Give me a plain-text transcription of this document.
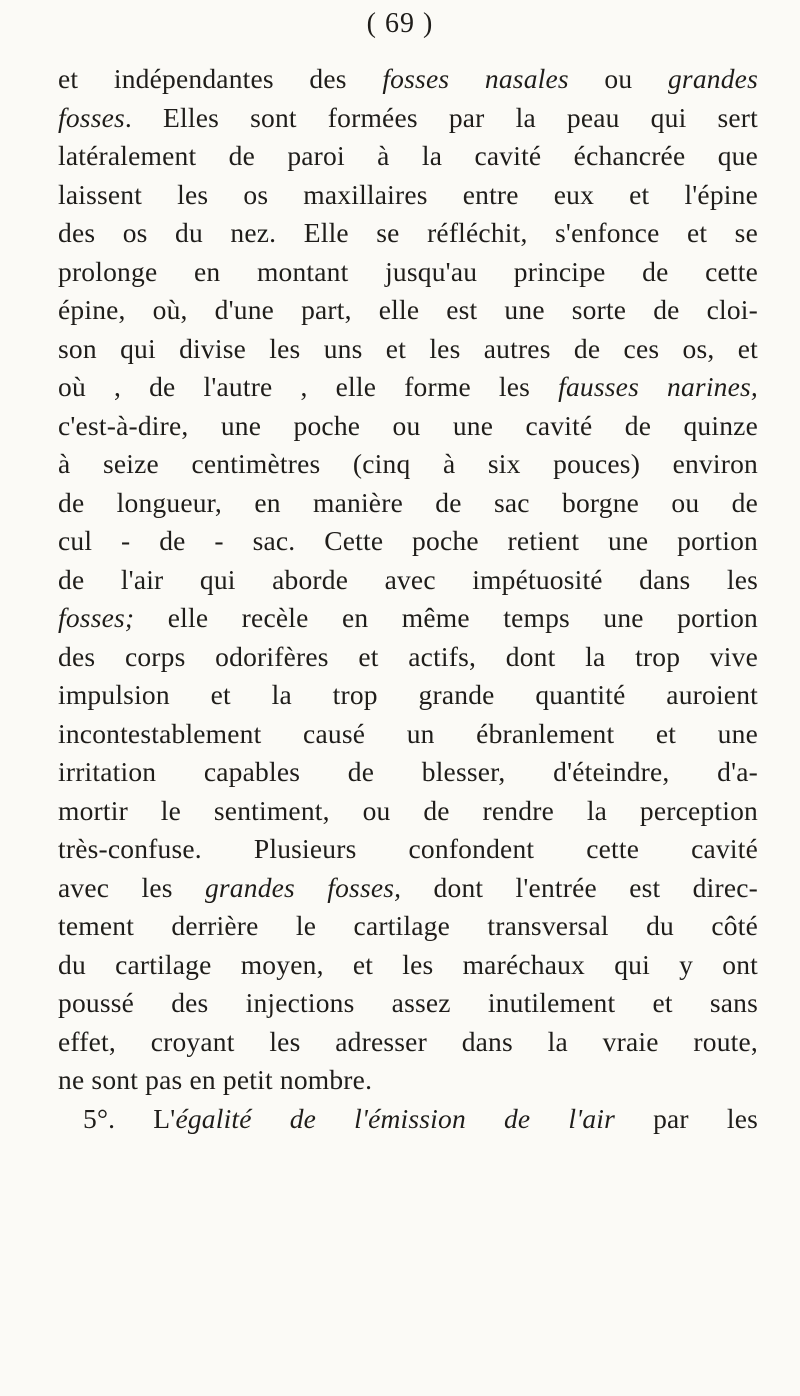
( 69 )
et indépendantes des fosses nasales ou grandes
fosses. Elles sont formées par la peau qui sert
latéralement de paroi à la cavité échancrée que
laissent les os maxillaires entre eux et l'épine
des os du nez. Elle se réfléchit, s'enfonce et se
prolonge en montant jusqu'au principe de cette
épine, où, d'une part, elle est une sorte de cloi-
son qui divise les uns et les autres de ces os, et
où , de l'autre , elle forme les fausses narines,
c'est-à-dire, une poche ou une cavité de quinze
à seize centimètres (cinq à six pouces) environ
de longueur, en manière de sac borgne ou de
cul - de - sac. Cette poche retient une portion
de l'air qui aborde avec impétuosité dans les
fosses; elle recèle en même temps une portion
des corps odorifères et actifs, dont la trop vive
impulsion et la trop grande quantité auroient
incontestablement causé un ébranlement et une
irritation capables de blesser, d'éteindre, d'a-
mortir le sentiment, ou de rendre la perception
très-confuse. Plusieurs confondent cette cavité
avec les grandes fosses, dont l'entrée est direc-
tement derrière le cartilage transversal du côté
du cartilage moyen, et les maréchaux qui y ont
poussé des injections assez inutilement et sans
effet, croyant les adresser dans la vraie route,
ne sont pas en petit nombre.
5°. L'égalité de l'émission de l'air par les
